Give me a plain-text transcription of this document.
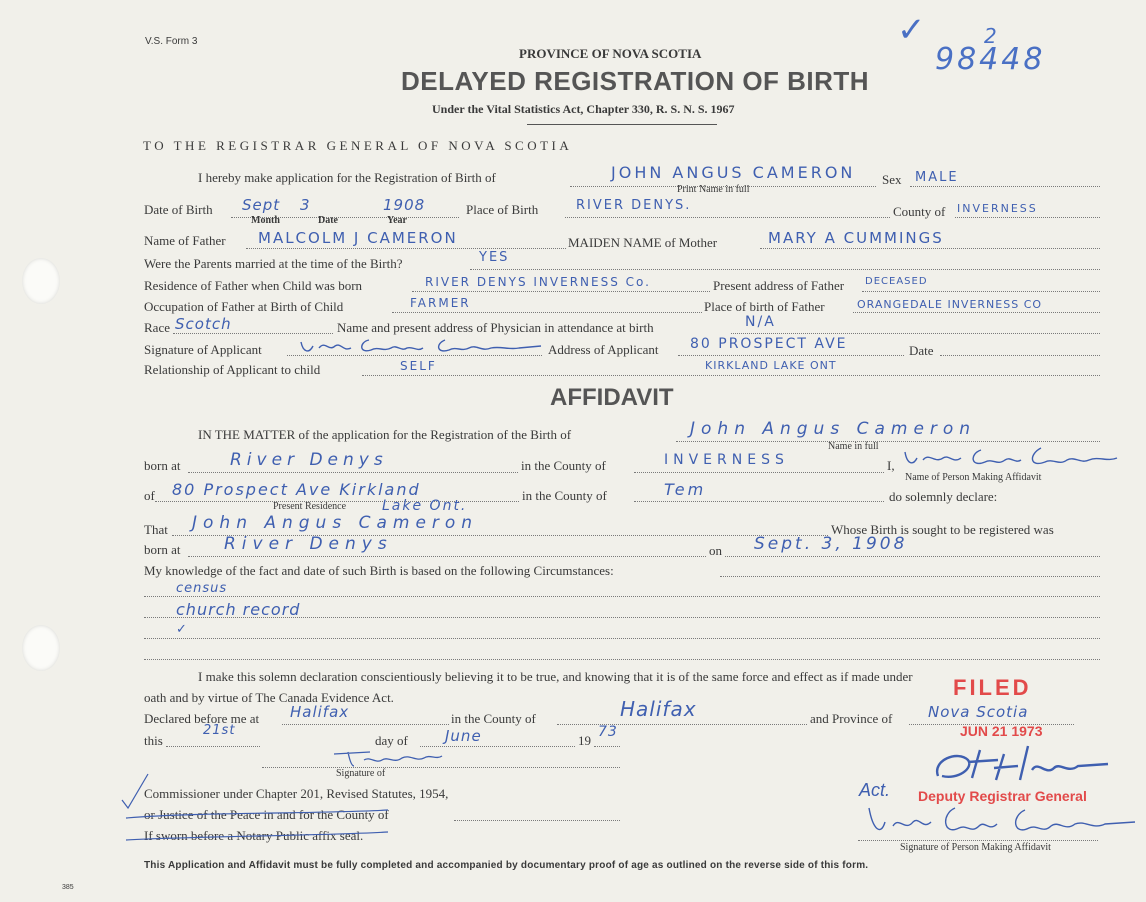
V.S. Form 3
PROVINCE OF NOVA SCOTIA
DELAYED REGISTRATION OF BIRTH
Under the Vital Statistics Act, Chapter 330, R. S. N. S. 1967
✓	2
98448
TO THE REGISTRAR GENERAL OF NOVA SCOTIA
I hereby make application for the Registration of Birth of	JOHN ANGUS CAMERON
Print Name in full
Sex MALE
Date of Birth Sept 3	1908
Month	Date	Year
Place of Birth	RIVER DENYS.	County of INVERNESS
Name of Father MALCOLM J CAMERON	MAIDEN NAME of Mother	MARY A CUMMINGS
Were the Parents married at the time of the Birth?	YES
Residence of Father when Child was born	RIVER DENYS INVERNESS Co.	Present address of Father DECEASED
Occupation of Father at Birth of Child	FARMER	Place of birth of Father	ORANGEDALE INVERNESS CO
Race Scotch	Name and present address of Physician in attendance at birth	N/A
Signature of Applicant	Address of Applicant 80 PROSPECT AVE	Date
Relationship of Applicant to child	SELF	KIRKLAND LAKE ONT
AFFIDAVIT
IN THE MATTER of the application for the Registration of the Birth of	John Angus Cameron
Name in full
born at	River Denys	in the County of	INVERNESS	I,
Name of Person Making Affidavit
of 80 Prospect Ave Kirkland
Present Residence	Lake Ont.
in the County of	Tem	do solemnly declare:
That John Angus Cameron	Whose Birth is sought to be registered was
born at	River Denys	on Sept. 3, 1908
My knowledge of the fact and date of such Birth is based on the following Circumstances:
census
church record
✓
I make this solemn declaration conscientiously believing it to be true, and knowing that it is of the same force and effect as if made under
oath and by virtue of The Canada Evidence Act.	FILED
Declared before me at Halifax	in the County of	Halifax	and Province of Nova Scotia
JUN 21 1973
this
21st
day of June	19
73
Signature of
Commissioner under Chapter 201, Revised Statutes, 1954,
or Justice of the Peace in and for the County of
If sworn before a Notary Public affix seal.
Act. Deputy Registrar General
Signature of Person Making Affidavit
This Application and Affidavit must be fully completed and accompanied by documentary proof of age as outlined on the reverse side of this form.
385
